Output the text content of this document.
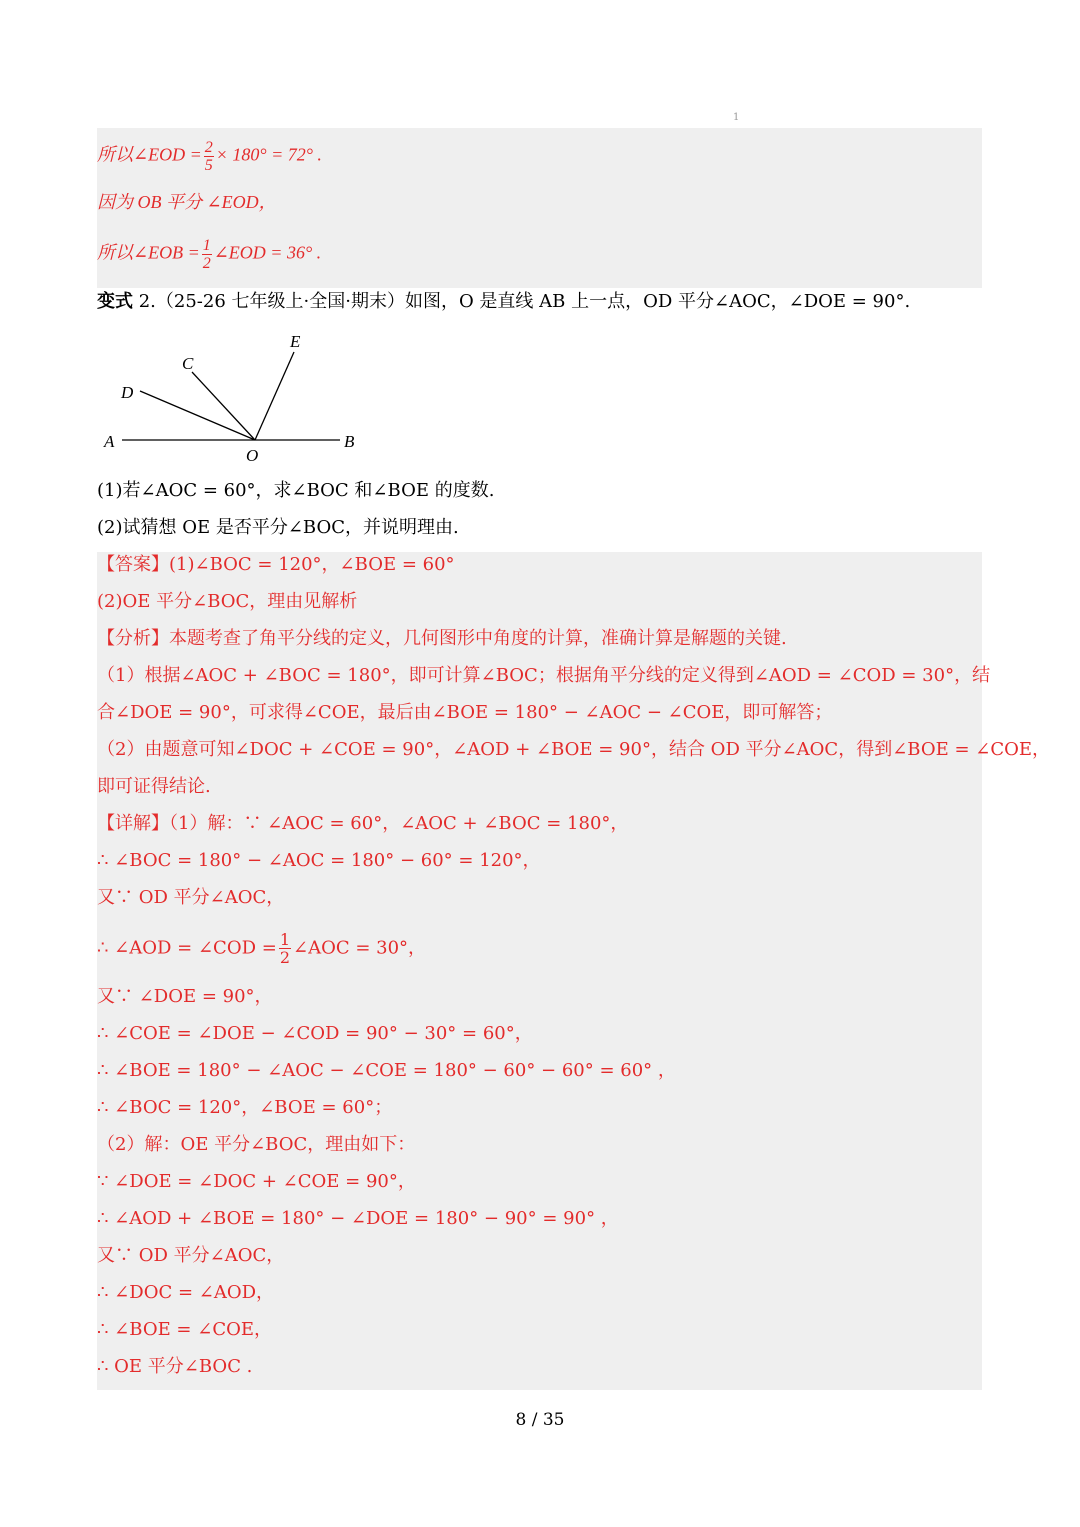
1
所以∠EOD = $\frac{2}{5} \times 180^\circ = 72^\circ$ .
因为 OB 平分 ∠EOD，
所以∠EOB = $\frac{1}{2}$ ∠EOD = 36° .
变式 2.（25-26 七年级上·全国·期末）如图，O 是直线 AB 上一点，OD 平分∠AOC，∠DOE = 90°.
A	B
O
C
D
E
(1)若∠AOC = 60°，求∠BOC 和∠BOE 的度数.
(2)试猜想 OE 是否平分∠BOC，并说明理由.
【答案】(1)∠BOC = 120°，∠BOE = 60°
(2)OE 平分∠BOC，理由见解析
【分析】本题考查了角平分线的定义，几何图形中角度的计算，准确计算是解题的关键.
（1）根据∠AOC + ∠BOC = 180°，即可计算∠BOC；根据角平分线的定义得到∠AOD = ∠COD = 30°，结
合∠DOE = 90°，可求得∠COE，最后由∠BOE = 180° − ∠AOC − ∠COE，即可解答；
（2）由题意可知∠DOC + ∠COE = 90°，∠AOD + ∠BOE = 90°，结合 OD 平分∠AOC，得到∠BOE = ∠COE，
即可证得结论.
【详解】（1）解：∵ ∠AOC = 60°，∠AOC + ∠BOC = 180°，
∴ ∠BOC = 180° − ∠AOC = 180° − 60° = 120°，
又∵ OD 平分∠AOC，
∴ ∠AOD = ∠COD = $\frac{1}{2}$ ∠AOC = 30°，
又∵ ∠DOE = 90°，
∴ ∠COE = ∠DOE − ∠COD = 90° − 30° = 60°，
∴ ∠BOE = 180° − ∠AOC − ∠COE = 180° − 60° − 60° = 60° ，
∴ ∠BOC = 120°，∠BOE = 60°；
（2）解：OE 平分∠BOC，理由如下：
∵ ∠DOE = ∠DOC + ∠COE = 90°，
∴ ∠AOD + ∠BOE = 180° − ∠DOE = 180° − 90° = 90° ，
又∵ OD 平分∠AOC，
∴ ∠DOC = ∠AOD，
∴ ∠BOE = ∠COE，
∴ OE 平分∠BOC .
8 / 35
